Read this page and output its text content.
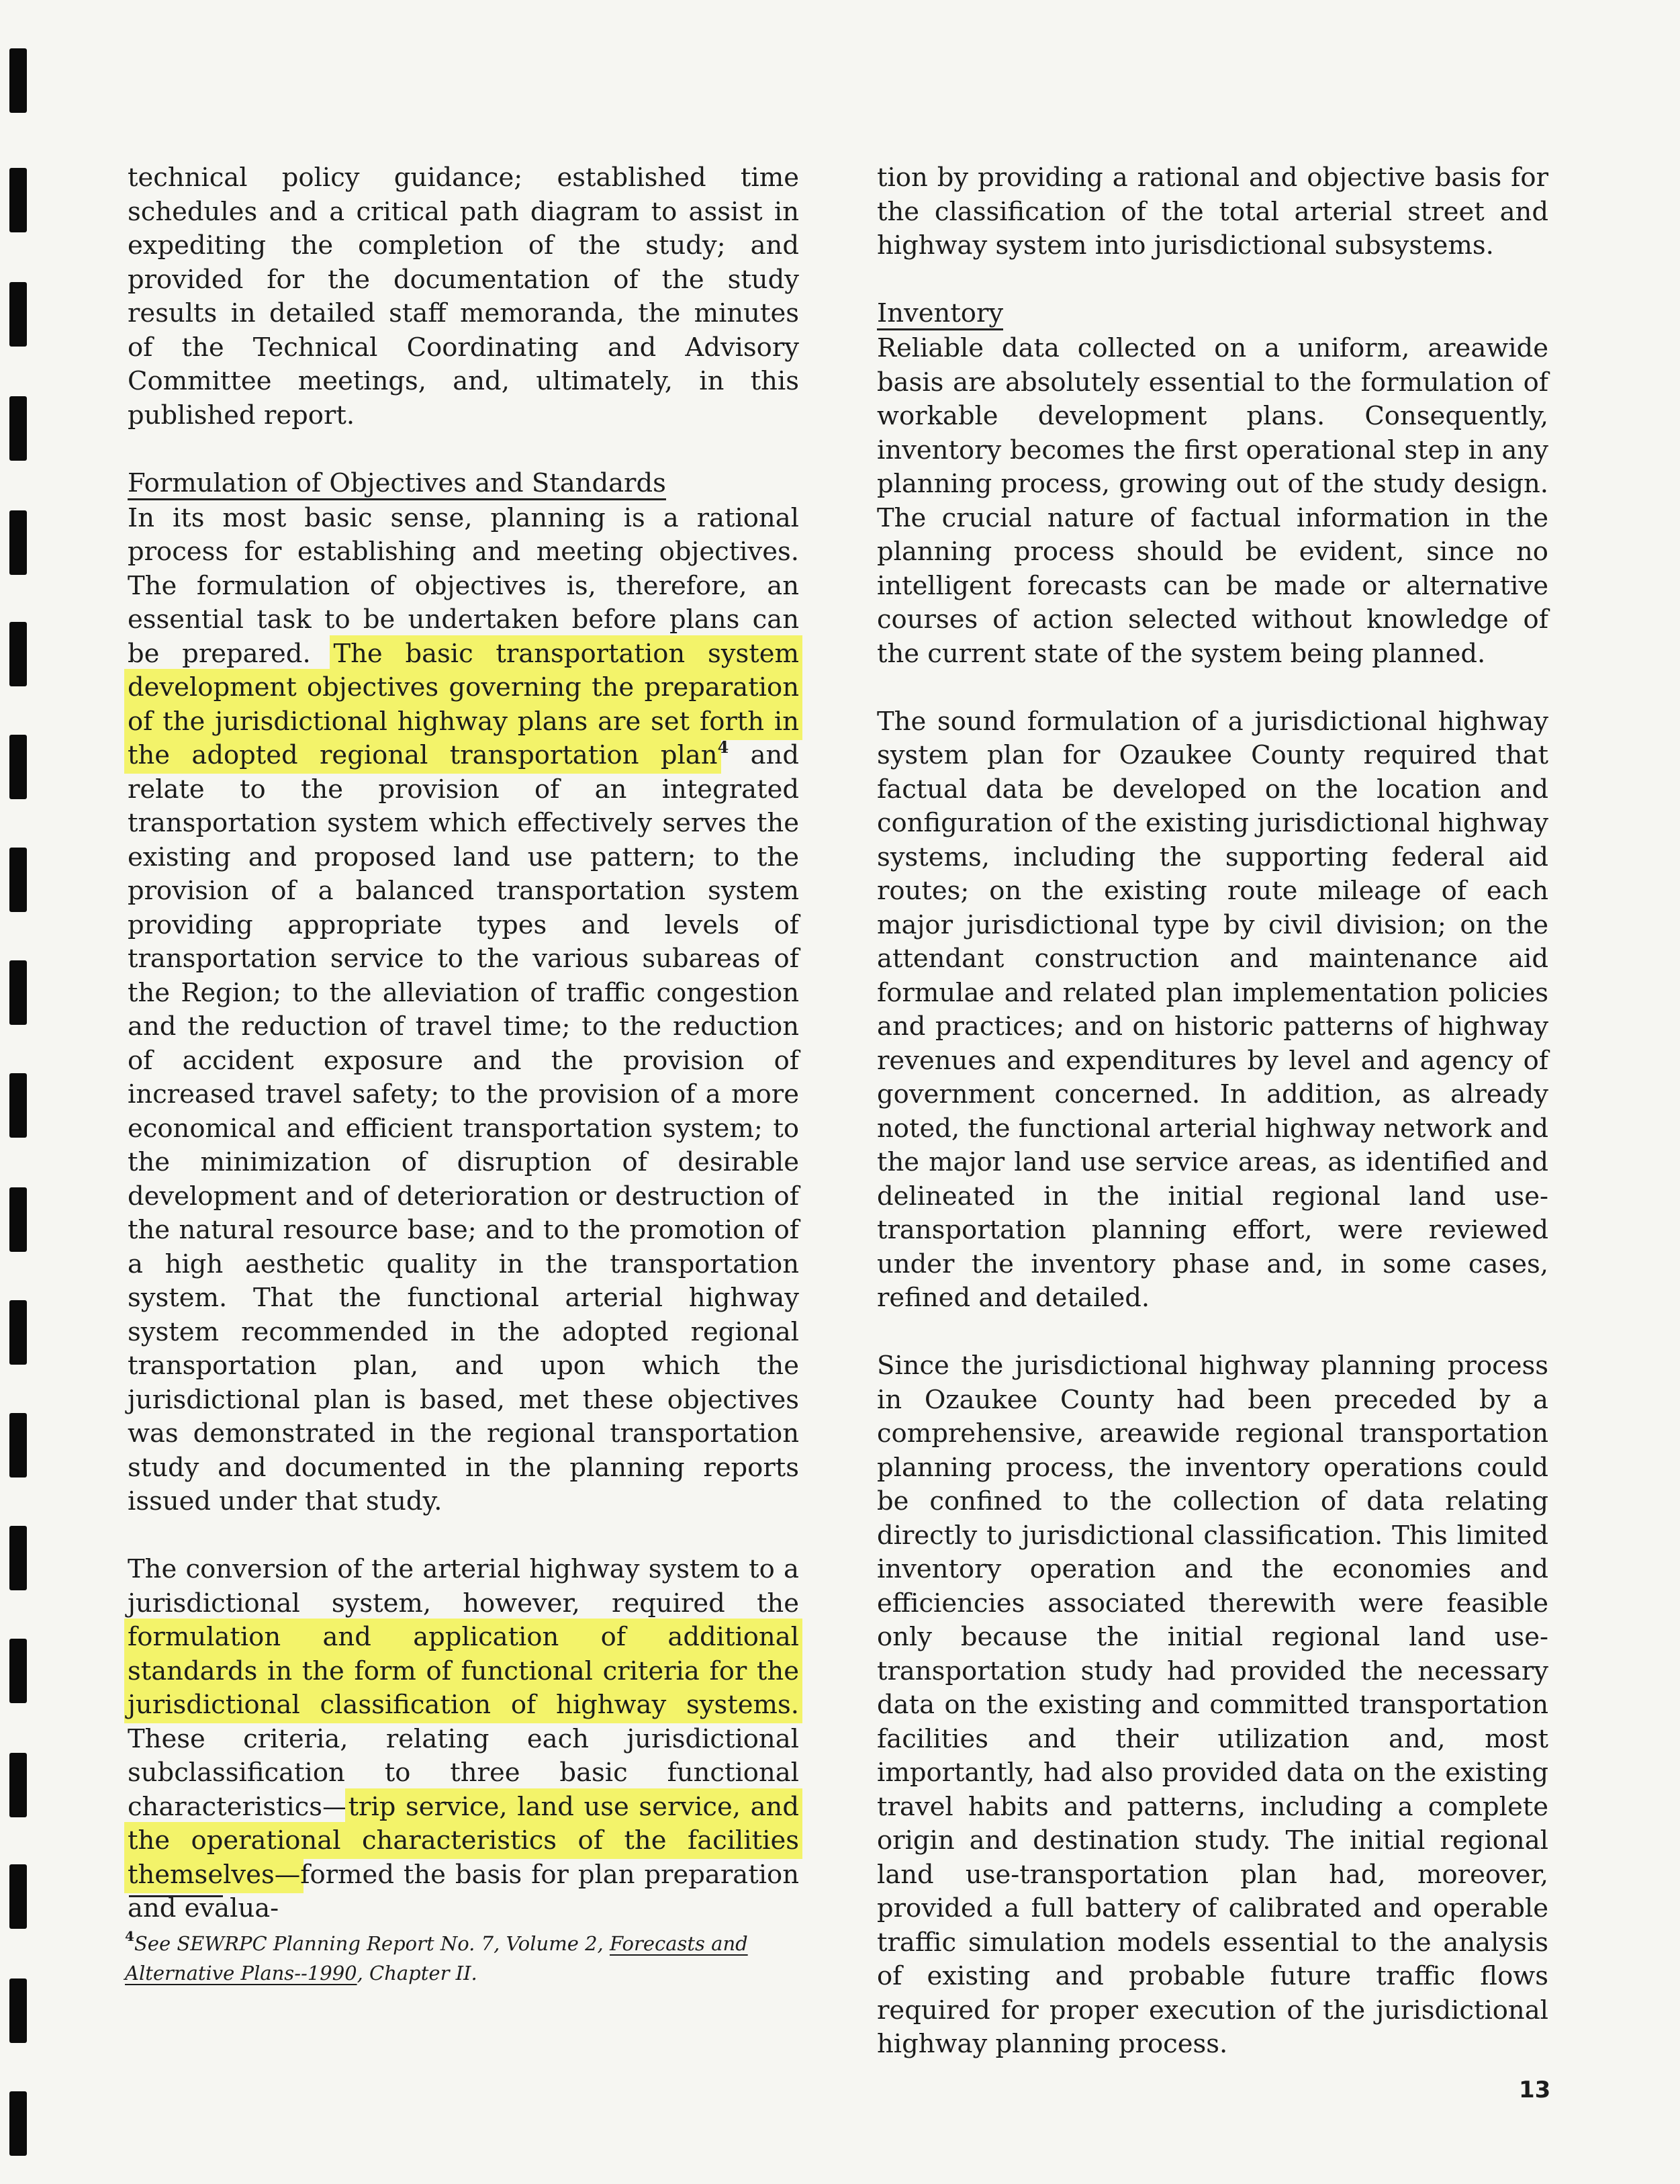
technical policy guidance; established time schedules and a critical path diagram to assist in expediting the completion of the study; and provided for the documentation of the study results in detailed staff memoranda, the minutes of the Technical Coordinating and Advisory Committee meetings, and, ultimately, in this published report.

Formulation of Objectives and Standards

In its most basic sense, planning is a rational process for establishing and meeting objectives. The formulation of objectives is, therefore, an essential task to be undertaken before plans can be prepared. The basic transportation system development objectives governing the preparation of the jurisdictional highway plans are set forth in the adopted regional transportation plan$^4$ and relate to the provision of an integrated transportation system which effectively serves the existing and proposed land use pattern; to the provision of a balanced transportation system providing appropriate types and levels of transportation service to the various subareas of the Region; to the alleviation of traffic congestion and the reduction of travel time; to the reduction of accident exposure and the provision of increased travel safety; to the provision of a more economical and efficient transportation system; to the minimization of disruption of desirable development and of deterioration or destruction of the natural resource base; and to the promotion of a high aesthetic quality in the transportation system. That the functional arterial highway system recommended in the adopted regional transportation plan, and upon which the jurisdictional plan is based, met these objectives was demonstrated in the regional transportation study and documented in the planning reports issued under that study.

The conversion of the arterial highway system to a jurisdictional system, however, required the formulation and application of additional standards in the form of functional criteria for the jurisdictional classification of highway systems. These criteria, relating each jurisdictional subclassification to three basic functional characteristics—trip service, land use service, and the operational characteristics of the facilities themselves—formed the basis for plan preparation and evalua-

$^4$See SEWRPC Planning Report No. 7, Volume 2, Forecasts and Alternative Plans--1990, Chapter II.

tion by providing a rational and objective basis for the classification of the total arterial street and highway system into jurisdictional subsystems.

Inventory

Reliable data collected on a uniform, areawide basis are absolutely essential to the formulation of workable development plans. Consequently, inventory becomes the first operational step in any planning process, growing out of the study design. The crucial nature of factual information in the planning process should be evident, since no intelligent forecasts can be made or alternative courses of action selected without knowledge of the current state of the system being planned.

The sound formulation of a jurisdictional highway system plan for Ozaukee County required that factual data be developed on the location and configuration of the existing jurisdictional highway systems, including the supporting federal aid routes; on the existing route mileage of each major jurisdictional type by civil division; on the attendant construction and maintenance aid formulae and related plan implementation policies and practices; and on historic patterns of highway revenues and expenditures by level and agency of government concerned. In addition, as already noted, the functional arterial highway network and the major land use service areas, as identified and delineated in the initial regional land use-transportation planning effort, were reviewed under the inventory phase and, in some cases, refined and detailed.

Since the jurisdictional highway planning process in Ozaukee County had been preceded by a comprehensive, areawide regional transportation planning process, the inventory operations could be confined to the collection of data relating directly to jurisdictional classification. This limited inventory operation and the economies and efficiencies associated therewith were feasible only because the initial regional land use-transportation study had provided the necessary data on the existing and committed transportation facilities and their utilization and, most importantly, had also provided data on the existing travel habits and patterns, including a complete origin and destination study. The initial regional land use-transportation plan had, moreover, provided a full battery of calibrated and operable traffic simulation models essential to the analysis of existing and probable future traffic flows required for proper execution of the jurisdictional highway planning process.

13
